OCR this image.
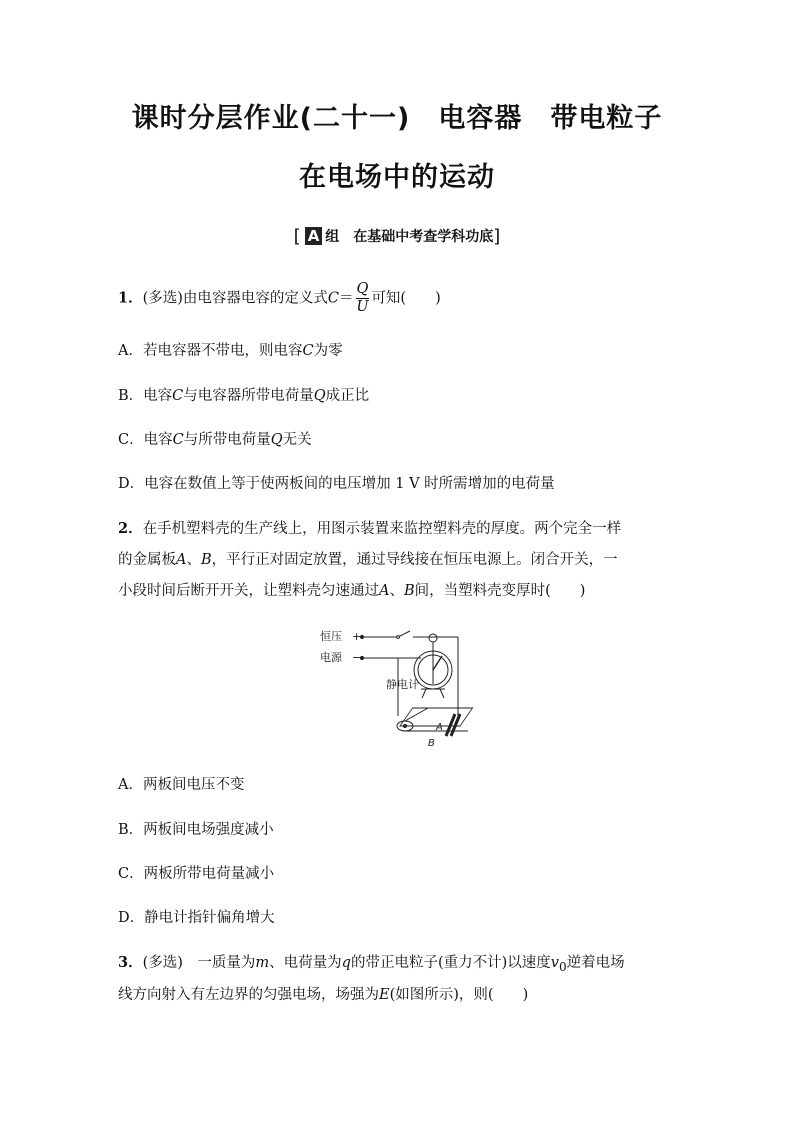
课时分层作业(二十一)　电容器　带电粒子
在电场中的运动
[ A 组　在基础中考查学科功底]
1．(多选)由电容器电容的定义式$C= \frac{Q}{U}$ 可知(　　)
A．若电容器不带电，则电容C为零
B．电容C与电容器所带电荷量Q成正比
C．电容C与所带电荷量Q无关
D．电容在数值上等于使两板间的电压增加 1 V 时所需增加的电荷量
2．在手机塑料壳的生产线上，用图示装置来监控塑料壳的厚度。两个完全一样
的金属板A、B，平行正对固定放置，通过导线接在恒压电源上。闭合开关，一
小段时间后断开开关，让塑料壳匀速通过A、B间，当塑料壳变厚时(　　)
恒压 +
电源 −
静电计
A
B
A．两板间电压不变
B．两板间电场强度减小
C．两板所带电荷量减小
D．静电计指针偏角增大
3．(多选)　一质量为m、电荷量为q的带正电粒子(重力不计)以速度$v_0$逆着电场
线方向射入有左边界的匀强电场，场强为E(如图所示)，则(　　)
